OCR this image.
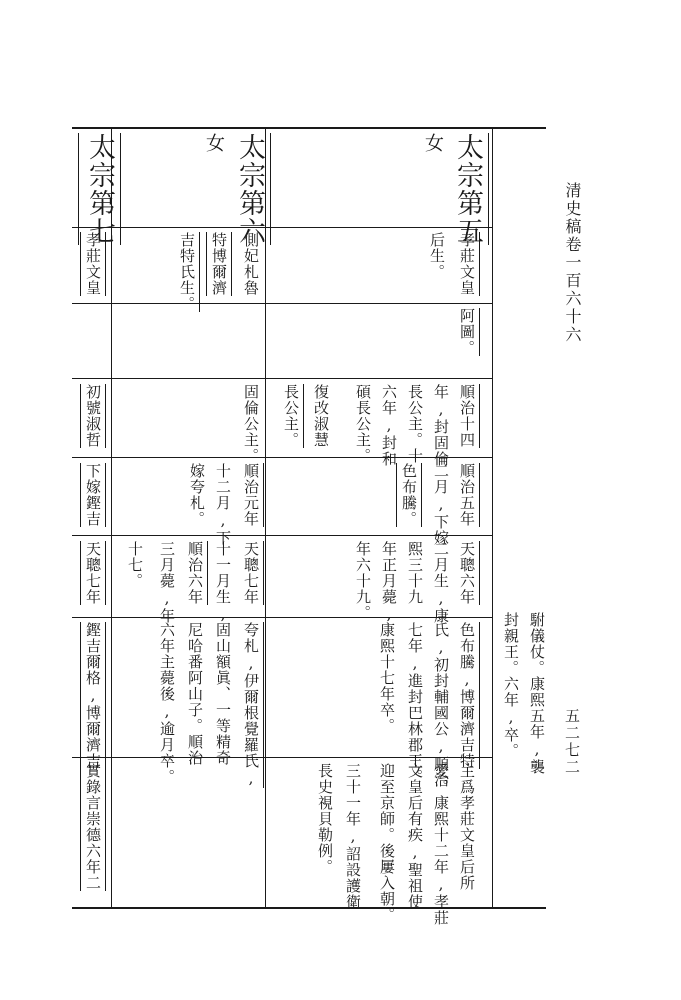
清史稿卷一百六十六
五二七二
太宗第五
女
孝莊文皇
后生。
阿圖。
順治十四
年,封固倫
長公主。十
六年,封和
碩長公主。
復改淑慧
長公主。
順治五年
二月,下嫁
色布騰。
天聰六年
二月生,康
熙三十九
年正月薨,
年六十九。
色布騰,博爾濟吉特
氏,初封輔國公,順治
七年,進封巴林郡王。
康熙十七年卒。
主爲孝莊文皇后所
愛。康熙十二年,孝莊
文皇后有疾,聖祖使
迎至京師。後屢入朝。
三十一年,詔設護衛
長史視貝勒例。
駙儀仗。康熙五年,襲
封親王。六年,卒。
太宗第六
女
側妃札魯
特博爾濟
吉特氏生。
固倫公主。
順治元年
十二月,下
嫁夸札。
天聰七年
十一月生,
順治六年
三月薨,年
十七。
夸札,伊爾根覺羅氏,
固山額眞、一等精奇
尼哈番阿山子。順治
六年主薨後,逾月卒。
太宗第七
孝莊文皇
初號淑哲
下嫁鏗吉
天聰七年
鏗吉爾格,博爾濟吉
實錄言崇德六年二
